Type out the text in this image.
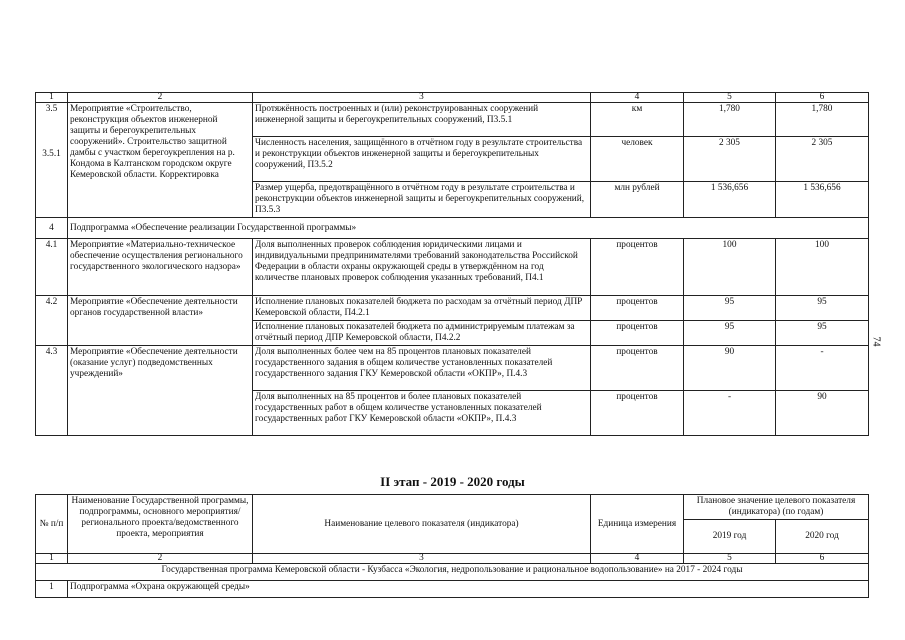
1	2	3	4	5	6

3.5
3.5.1	Мероприятие «Строительство, реконструкция объектов инженерной защиты и берегоукрепительных сооружений». Строительство защитной дамбы с участком берегоукрепления на р. Кондома в Калтанском городском округе Кемеровской области. Корректировка	Протяжённость построенных и (или) реконструированных сооружений инженерной защиты и берегоукрепительных сооружений, П3.5.1	км	1,780	1,780
		Численность населения, защищённого в отчётном году в результате строительства и реконструкции объектов инженерной защиты и берегоукрепительных сооружений, П3.5.2	человек	2 305	2 305
		Размер ущерба, предотвращённого в отчётном году в результате строительства и реконструкции объектов инженерной защиты и берегоукрепительных сооружений, П3.5.3	млн рублей	1 536,656	1 536,656
4	Подпрограмма «Обеспечение реализации Государственной программы»				
4.1	Мероприятие «Материально-техническое обеспечение осуществления регионального государственного экологического надзора»	Доля выполненных проверок соблюдения юридическими лицами и индивидуальными предпринимателями требований законодательства Российской Федерации в области охраны окружающей среды в утверждённом на год количестве плановых проверок соблюдения указанных требований, П4.1	процентов	100	100
4.2	Мероприятие «Обеспечение деятельности органов государственной власти»	Исполнение плановых показателей бюджета по расходам за отчётный период ДПР Кемеровской области, П4.2.1	процентов	95	95
		Исполнение плановых показателей бюджета по администрируемым платежам за отчётный период ДПР Кемеровской области, П4.2.2	процентов	95	95
4.3	Мероприятие «Обеспечение деятельности (оказание услуг) подведомственных учреждений»	Доля выполненных более чем на 85 процентов плановых показателей государственного задания в общем количестве установленных показателей государственного задания ГКУ Кемеровской области «ОКПР», П.4.3	процентов	90	-
		Доля выполненных на 85 процентов и более плановых показателей государственных работ в общем количестве установленных показателей государственных работ ГКУ Кемеровской области «ОКПР», П.4.3	процентов	-	90
II этап - 2019 - 2020 годы
№ п/п	Наименование Государственной программы, подпрограммы, основного мероприятия/регионального проекта/ведомственного проекта, мероприятия	Наименование целевого показателя (индикатора)	Единица измерения	Плановое значение целевого показателя (индикатора) (по годам)	
				2019 год	2020 год
1	2	3	4	5	6
Государственная программа Кемеровской области - Кузбасса «Экология, недропользование и рациональное водопользование» на 2017 - 2024 годы					
1	Подпрограмма «Охрана окружающей среды»				
74
